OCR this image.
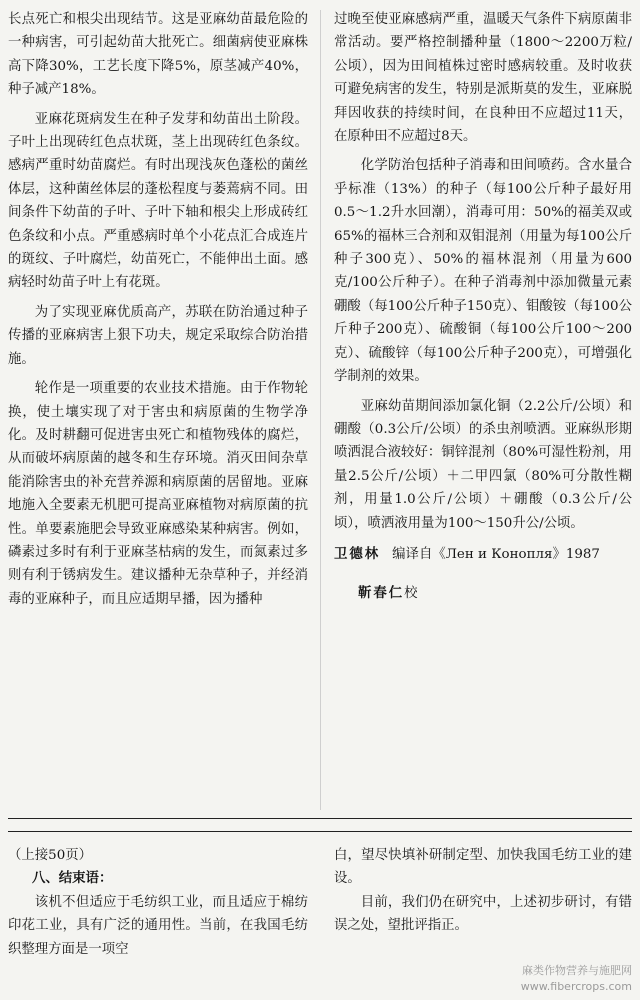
长点死亡和根尖出现结节。这是亚麻幼苗最危险的一种病害，可引起幼苗大批死亡。细菌病使亚麻株高下降30%，工艺长度下降5%，原茎减产40%，种子减产18%。

亚麻花斑病发生在种子发芽和幼苗出土阶段。子叶上出现砖红色点状斑，茎上出现砖红色条纹。感病严重时幼苗腐烂。有时出现浅灰色蓬松的菌丝体层，这种菌丝体层的蓬松程度与萎蔫病不同。田间条件下幼苗的子叶、子叶下轴和根尖上形成砖红色条纹和小点。严重感病时单个小花点汇合成连片的斑纹、子叶腐烂，幼苗死亡，不能伸出土面。感病轻时幼苗子叶上有花斑。

为了实现亚麻优质高产，苏联在防治通过种子传播的亚麻病害上狠下功夫，规定采取综合防治措施。

轮作是一项重要的农业技术措施。由于作物轮换，使土壤实现了对于害虫和病原菌的生物学净化。及时耕翻可促进害虫死亡和植物残体的腐烂，从而破坏病原菌的越冬和生存环境。消灭田间杂草能消除害虫的补充营养源和病原菌的居留地。亚麻地施入全要素无机肥可提高亚麻植物对病原菌的抗性。单要素施肥会导致亚麻感染某种病害。例如，磷素过多时有利于亚麻茎枯病的发生，而氮素过多则有利于锈病发生。建议播种无杂草种子，并经消毒的亚麻种子，而且应适期早播，因为播种

过晚至使亚麻感病严重，温暖天气条件下病原菌非常活动。要严格控制播种量（1800～2200万粒/公顷），因为田间植株过密时感病较重。及时收获可避免病害的发生，特别是派斯莫的发生，亚麻脱拜因收获的持续时间，在良种田不应超过11天，在原种田不应超过8天。

化学防治包括种子消毒和田间喷药。含水量合乎标准（13%）的种子（每100公斤种子最好用0.5～1.2升水回潮），消毒可用：50%的福美双或65%的福林三合剂和双钼混剂（用量为每100公斤种子300克）、50%的福林混剂（用量为600克/100公斤种子）。在种子消毒剂中添加微量元素硼酸（每100公斤种子150克）、钼酸铵（每100公斤种子200克）、硫酸铜（每100公斤100～200克）、硫酸锌（每100公斤种子200克），可增强化学制剂的效果。

亚麻幼苗期间添加氯化铜（2.2公斤/公顷）和硼酸（0.3公斤/公顷）的杀虫剂喷洒。亚麻纵形期喷洒混合液较好：铜锌混剂（80%可湿性粉剂，用量2.5公斤/公顷）＋二甲四氯（80%可分散性糊剂，用量1.0公斤/公顷）＋硼酸（0.3公斤/公顷），喷洒液用量为100～150升公/公顷。

卫德林 编译自《Лен и Конопля》1987

靳春仁校

（上接50页）

八、结束语：

该机不但适应于毛纺织工业，而且适应于棉纺印花工业，具有广泛的通用性。当前，在我国毛纺织整理方面是一项空

白，望尽快填补研制定型、加快我国毛纺工业的建设。

目前，我们仍在研究中，上述初步研讨，有错误之处，望批评指正。

麻类作物营养与施肥网
www.fibercrops.com
